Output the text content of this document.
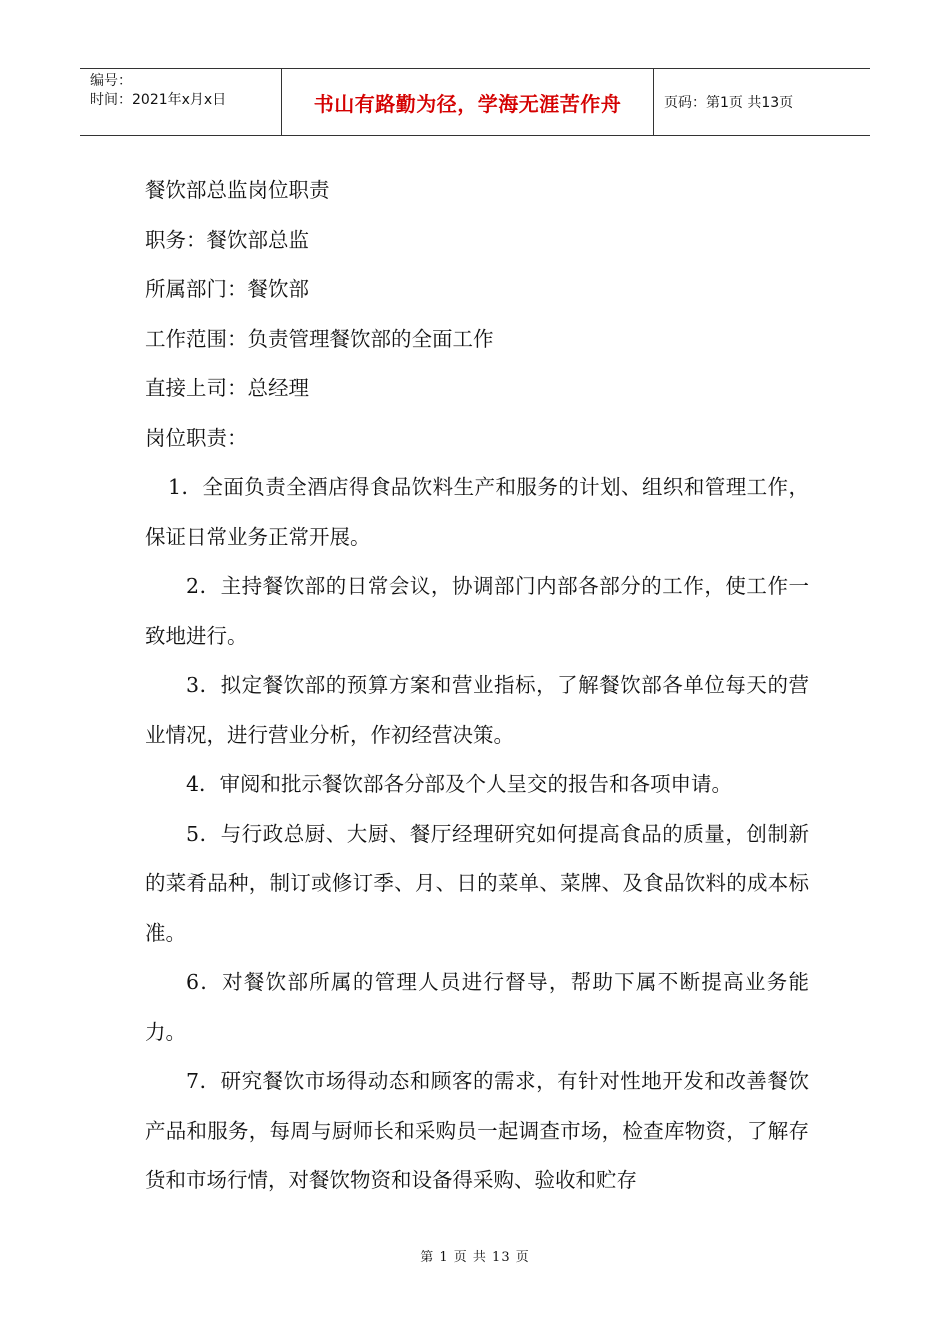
编号：
时间：2021年x月x日	书山有路勤为径，学海无涯苦作舟	页码：第1页 共13页

餐饮部总监岗位职责

职务：餐饮部总监

所属部门：餐饮部

工作范围：负责管理餐饮部的全面工作

直接上司：总经理

岗位职责：

1．全面负责全酒店得食品饮料生产和服务的计划、组织和管理工作，保证日常业务正常开展。

2．主持餐饮部的日常会议，协调部门内部各部分的工作，使工作一致地进行。

3．拟定餐饮部的预算方案和营业指标，了解餐饮部各单位每天的营业情况，进行营业分析，作初经营决策。

4．审阅和批示餐饮部各分部及个人呈交的报告和各项申请。

5．与行政总厨、大厨、餐厅经理研究如何提高食品的质量，创制新的菜肴品种，制订或修订季、月、日的菜单、菜牌、及食品饮料的成本标准。

6．对餐饮部所属的管理人员进行督导，帮助下属不断提高业务能力。

7．研究餐饮市场得动态和顾客的需求，有针对性地开发和改善餐饮产品和服务，每周与厨师长和采购员一起调查市场，检查库物资，了解存货和市场行情，对餐饮物资和设备得采购、验收和贮存

第 1 页 共 13 页
